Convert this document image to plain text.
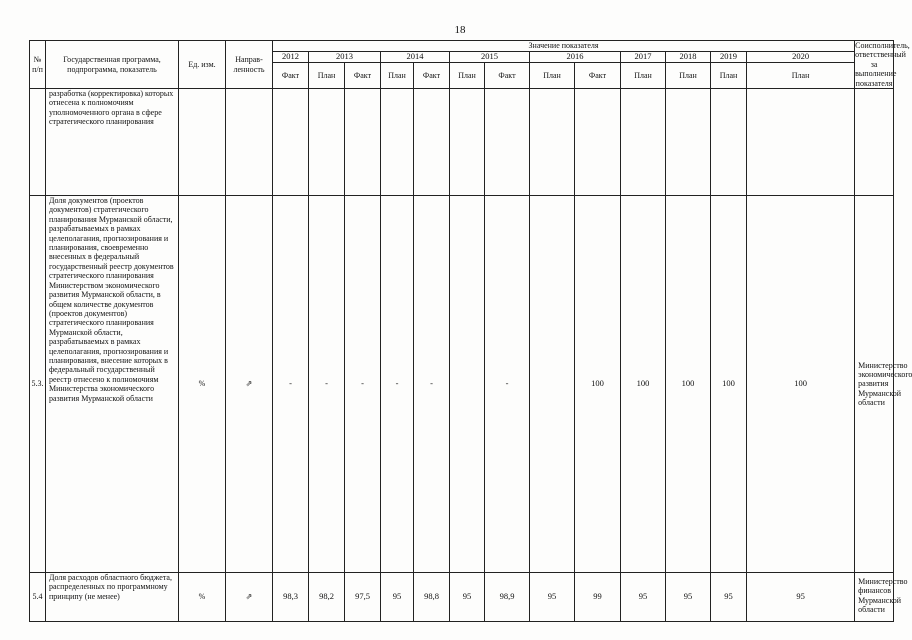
18
№ п/п	Государственная программа, подпрограмма, показатель	Ед. изм.	Направ-ленность	Значение показателя													Соисполнитель, ответственный за выполнение показателя
				2012	2013		2014		2015		2016		2017	2018	2019	2020	
				Факт	План	Факт	План	Факт	План	Факт	План	Факт	План	План	План	План	
	разработка (корректировка) которых отнесена к полномочиям уполномоченного органа в сфере стратегического планирования																
5.3.	Доля документов (проектов документов) стратегического планирования Мурманской области, разрабатываемых в рамках целеполагания, прогнозирования и планирования, своевременно внесенных в федеральный государственный реестр документов стратегического планирования Министерством экономического развития Мурманской области, в общем количестве документов (проектов документов) стратегического планирования Мурманской области, разрабатываемых в рамках целеполагания, прогнозирования и планирования, внесение которых в федеральный государственный реестр отнесено к полномочиям Министерства экономического развития Мурманской области	%	⇗	-	-	-	-	-		-		100	100	100	100	100	Министерство экономического развития Мурманской области
5.4	Доля расходов областного бюджета, распределенных по программному принципу (не менее)	%	⇗	98,3	98,2	97,5	95	98,8	95	98,9	95	99	95	95	95	95	Министерство финансов Мурманской области
